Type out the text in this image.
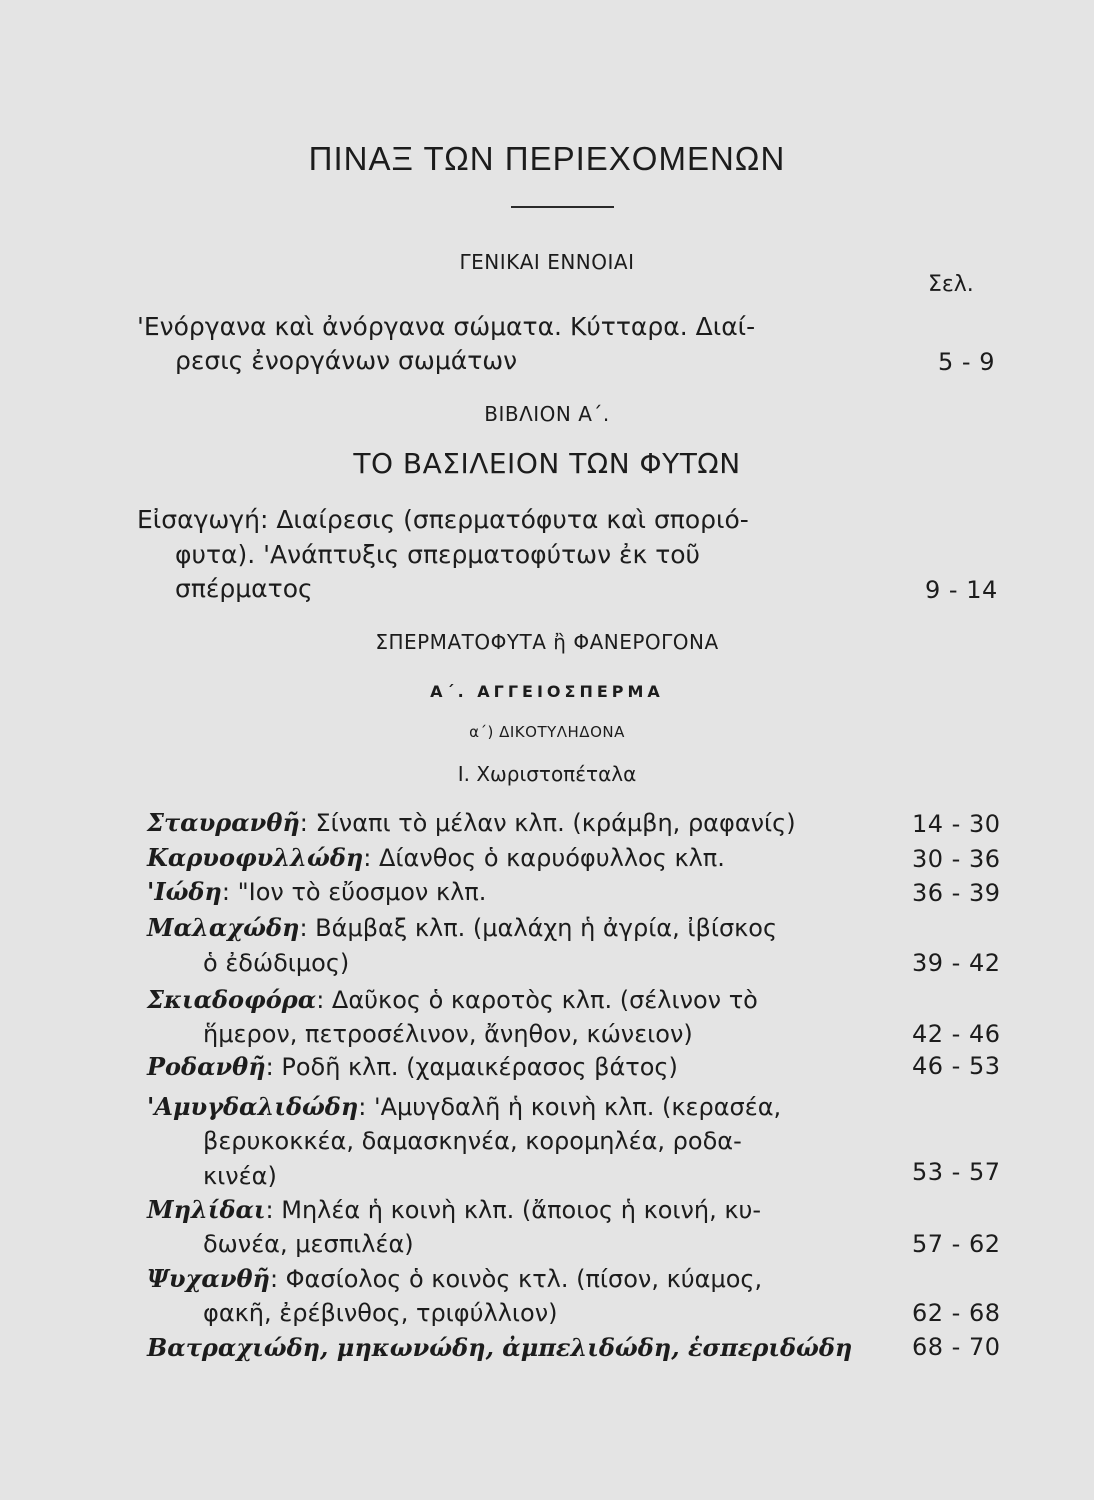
ΠΙΝΑΞ ΤΩΝ ΠΕΡΙΕΧΟΜΕΝΩΝ
ΓΕΝΙΚΑΙ ΕΝΝΟΙΑΙ
Σελ.
'Ενόργανα καὶ ἀνόργανα σώματα. Κύτταρα. Διαί-
ρεσις ἐνοργάνων σωμάτων	5 - 9
ΒΙΒΛΙΟΝ Α΄.
ΤΟ ΒΑΣΙΛΕΙΟΝ ΤΩΝ ΦΥΤΩΝ
Εἰσαγωγή: Διαίρεσις (σπερματόφυτα καὶ σποριό-
φυτα). 'Ανάπτυξις σπερματοφύτων ἐκ τοῦ
σπέρματος	9 - 14
ΣΠΕΡΜΑΤΟΦΥΤΑ ἢ ΦΑΝΕΡΟΓΟΝΑ
Α΄. ΑΓΓΕΙΟΣΠΕΡΜΑ
α΄) ΔΙΚΟΤΥΛΗΔΟΝΑ
Ι. Χωριστοπέταλα
Σταυρανθῆ: Σίναπι τὸ μέλαν κλπ. (κράμβη, ραφανίς)	14 - 30
Καρυοφυλλώδη: Δίανθος ὁ καρυόφυλλος κλπ.	30 - 36
'Ιώδη: "Ιον τὸ εὔοσμον κλπ.	36 - 39
Μαλαχώδη: Βάμβαξ κλπ. (μαλάχη ἡ ἀγρία, ἰβίσκος
ὁ ἐδώδιμος)	39 - 42
Σκιαδοφόρα: Δαῦκος ὁ καροτὸς κλπ. (σέλινον τὸ
ἥμερον, πετροσέλινον, ἄνηθον, κώνειον)	42 - 46
Ροδανθῆ: Ροδῆ κλπ. (χαμαικέρασος βάτος)	46 - 53
'Αμυγδαλιδώδη: 'Αμυγδαλῆ ἡ κοινὴ κλπ. (κερασέα,
βερυκοκκέα, δαμασκηνέα, κορομηλέα, ροδα-
κινέα)	53 - 57
Μηλίδαι: Μηλέα ἡ κοινὴ κλπ. (ἄποιος ἡ κοινή, κυ-
δωνέα, μεσπιλέα)	57 - 62
Ψυχανθῆ: Φασίολος ὁ κοινὸς κτλ. (πίσον, κύαμος,
φακῆ, ἐρέβινθος, τριφύλλιον)	62 - 68
Βατραχιώδη, μηκωνώδη, ἀμπελιδώδη, ἑσπεριδώδη 68 - 70
